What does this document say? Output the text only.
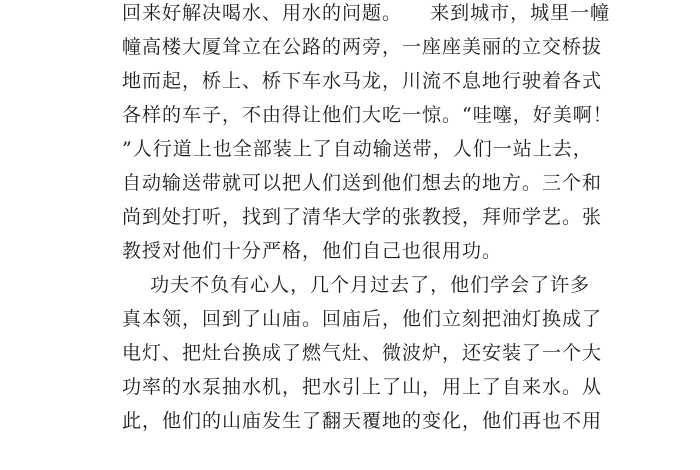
回来好解决喝水、用水的问题。    来到城市，城里一幢
幢高楼大厦耸立在公路的两旁，一座座美丽的立交桥拔
地而起，桥上、桥下车水马龙，川流不息地行驶着各式
各样的车子，不由得让他们大吃一惊。“哇噻，好美啊！
”人行道上也全部装上了自动输送带，人们一站上去，
自动输送带就可以把人们送到他们想去的地方。三个和
尚到处打听，找到了清华大学的张教授，拜师学艺。张
教授对他们十分严格，他们自己也很用功。
功夫不负有心人，几个月过去了，他们学会了许多
真本领，回到了山庙。回庙后，他们立刻把油灯换成了
电灯、把灶台换成了燃气灶、微波炉，还安装了一个大
功率的水泵抽水机，把水引上了山，用上了自来水。从
此，他们的山庙发生了翻天覆地的变化，他们再也不用
